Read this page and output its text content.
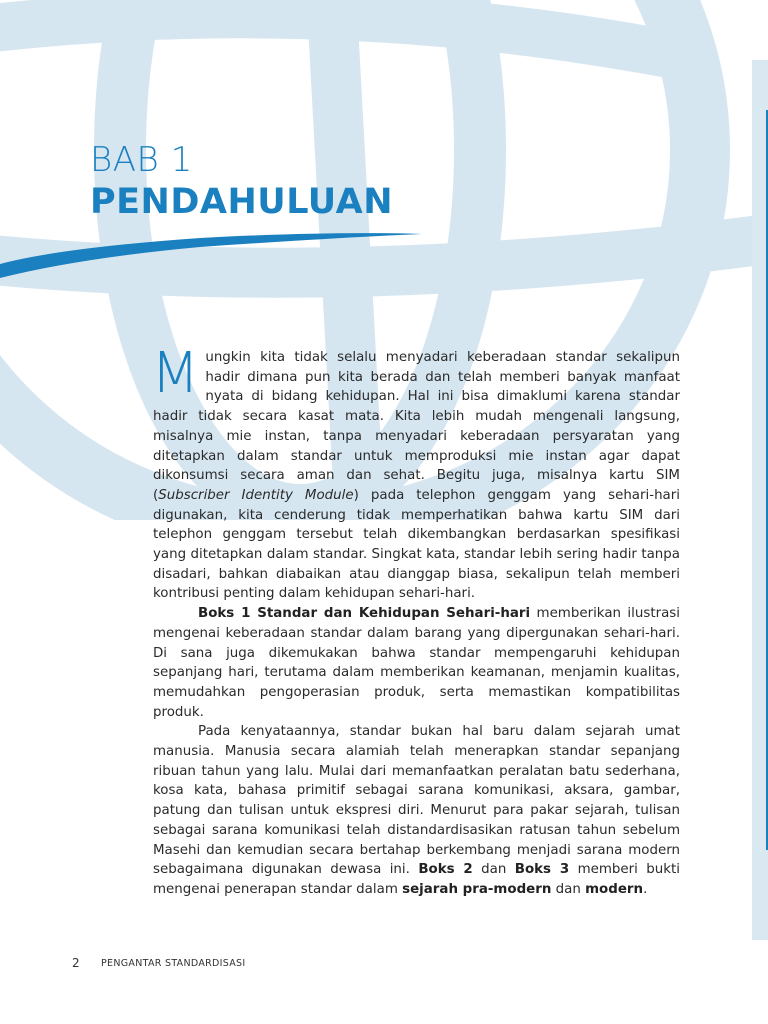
BAB 1
PENDAHULUAN

Mungkin kita tidak selalu menyadari keberadaan standar sekalipun hadir dimana pun kita berada dan telah memberi banyak manfaat nyata di bidang kehidupan. Hal ini bisa dimaklumi karena standar hadir tidak secara kasat mata. Kita lebih mudah mengenali langsung, misalnya mie instan, tanpa menyadari keberadaan persyaratan yang ditetapkan dalam standar untuk memproduksi mie instan agar dapat dikonsumsi secara aman dan sehat. Begitu juga, misalnya kartu SIM (Subscriber Identity Module) pada telephon genggam yang sehari-hari digunakan, kita cenderung tidak memperhatikan bahwa kartu SIM dari telephon genggam tersebut telah dikembangkan berdasarkan spesifikasi yang ditetapkan dalam standar. Singkat kata, standar lebih sering hadir tanpa disadari, bahkan diabaikan atau dianggap biasa, sekalipun telah memberi kontribusi penting dalam kehidupan sehari-hari.

Boks 1 Standar dan Kehidupan Sehari-hari memberikan ilustrasi mengenai keberadaan standar dalam barang yang dipergunakan sehari-hari. Di sana juga dikemukakan bahwa standar mempengaruhi kehidupan sepanjang hari, terutama dalam memberikan keamanan, menjamin kualitas, memudahkan pengoperasian produk, serta memastikan kompatibilitas produk.

Pada kenyataannya, standar bukan hal baru dalam sejarah umat manusia. Manusia secara alamiah telah menerapkan standar sepanjang ribuan tahun yang lalu. Mulai dari memanfaatkan peralatan batu sederhana, kosa kata, bahasa primitif sebagai sarana komunikasi, aksara, gambar, patung dan tulisan untuk ekspresi diri. Menurut para pakar sejarah, tulisan sebagai sarana komunikasi telah distandardisasikan ratusan tahun sebelum Masehi dan kemudian secara bertahap berkembang menjadi sarana modern sebagaimana digunakan dewasa ini. Boks 2 dan Boks 3 memberi bukti mengenai penerapan standar dalam sejarah pra-modern dan modern.

2 PENGANTAR STANDARDISASI
